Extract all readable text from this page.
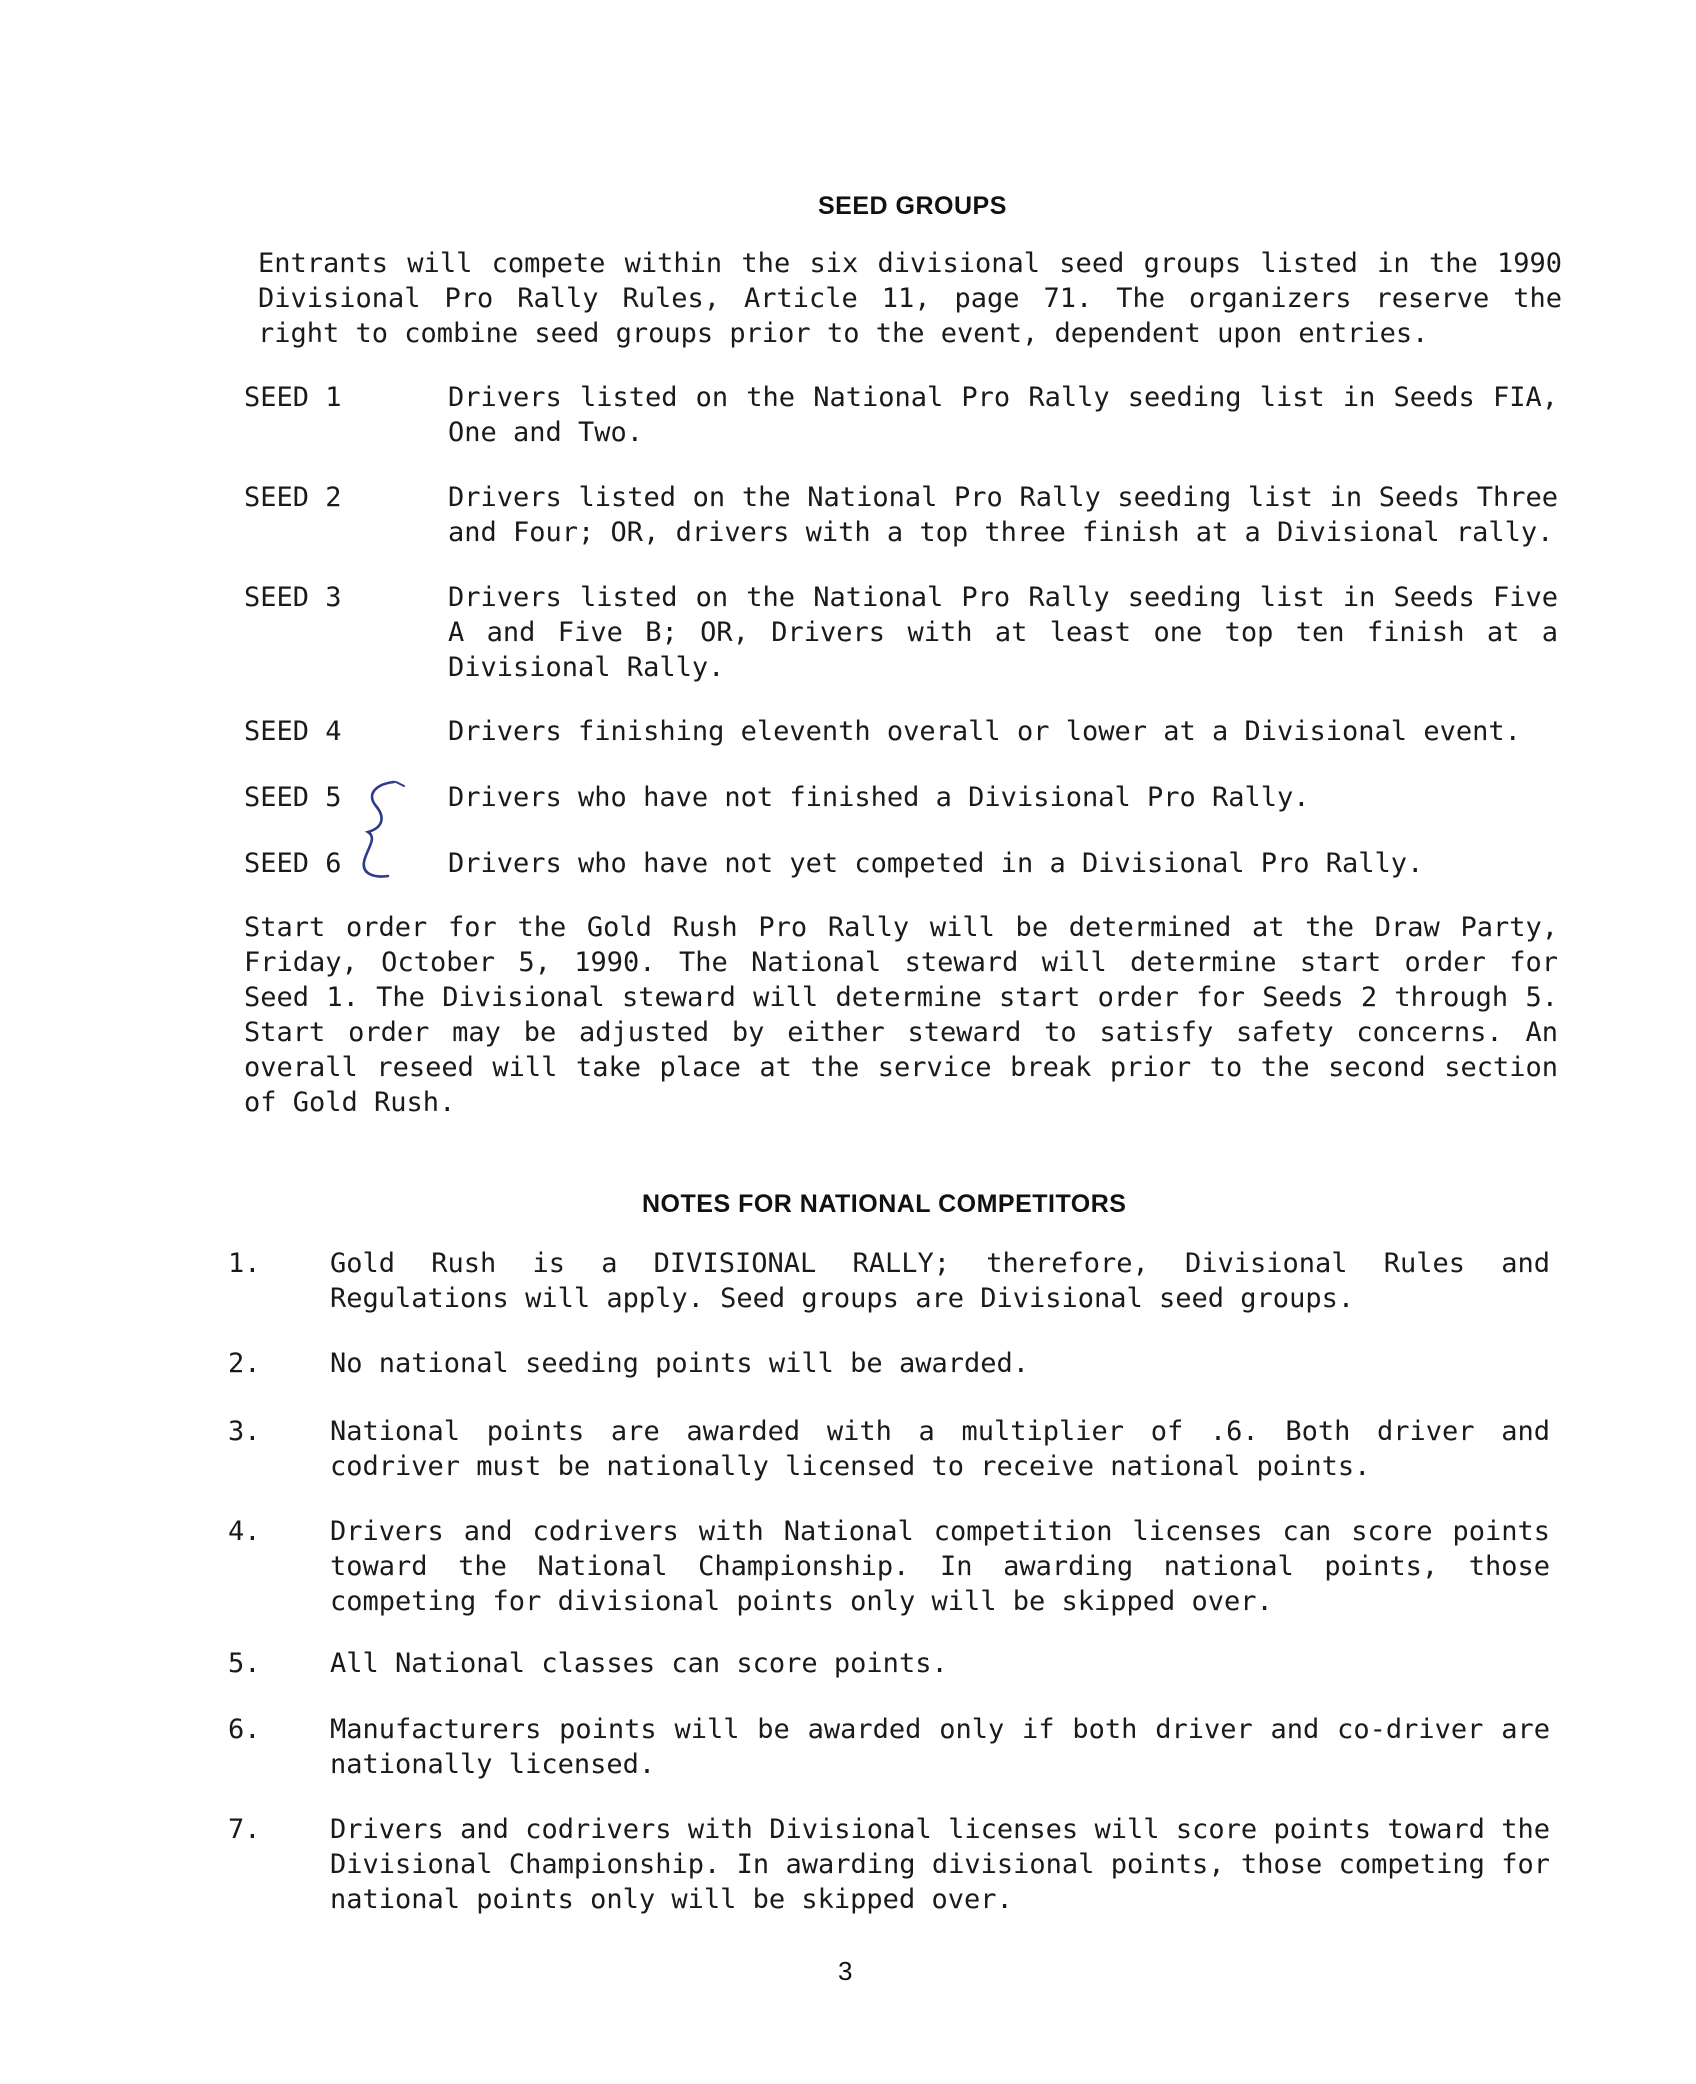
SEED GROUPS
Entrants will compete within the six divisional seed groups listed in the 1990 Divisional Pro Rally Rules, Article 11, page 71. The organizers reserve the right to combine seed groups prior to the event, dependent upon entries.
SEED 1	Drivers listed on the National Pro Rally seeding list in Seeds FIA, One and Two.
SEED 2	Drivers listed on the National Pro Rally seeding list in Seeds Three and Four; OR, drivers with a top three finish at a Divisional rally.
SEED 3	Drivers listed on the National Pro Rally seeding list in Seeds Five A and Five B; OR, Drivers with at least one top ten finish at a Divisional Rally.
SEED 4	Drivers finishing eleventh overall or lower at a Divisional event.
SEED 5	Drivers who have not finished a Divisional Pro Rally.
SEED 6	Drivers who have not yet competed in a Divisional Pro Rally.
Start order for the Gold Rush Pro Rally will be determined at the Draw Party, Friday, October 5, 1990. The National steward will determine start order for Seed 1. The Divisional steward will determine start order for Seeds 2 through 5. Start order may be adjusted by either steward to satisfy safety concerns. An overall reseed will take place at the service break prior to the second section of Gold Rush.
NOTES FOR NATIONAL COMPETITORS
1.	Gold Rush is a DIVISIONAL RALLY; therefore, Divisional Rules and Regulations will apply. Seed groups are Divisional seed groups.
2.	No national seeding points will be awarded.
3.	National points are awarded with a multiplier of .6. Both driver and codriver must be nationally licensed to receive national points.
4.	Drivers and codrivers with National competition licenses can score points toward the National Championship. In awarding national points, those competing for divisional points only will be skipped over.
5.	All National classes can score points.
6.	Manufacturers points will be awarded only if both driver and co-driver are nationally licensed.
7.	Drivers and codrivers with Divisional licenses will score points toward the Divisional Championship. In awarding divisional points, those competing for national points only will be skipped over.
3
